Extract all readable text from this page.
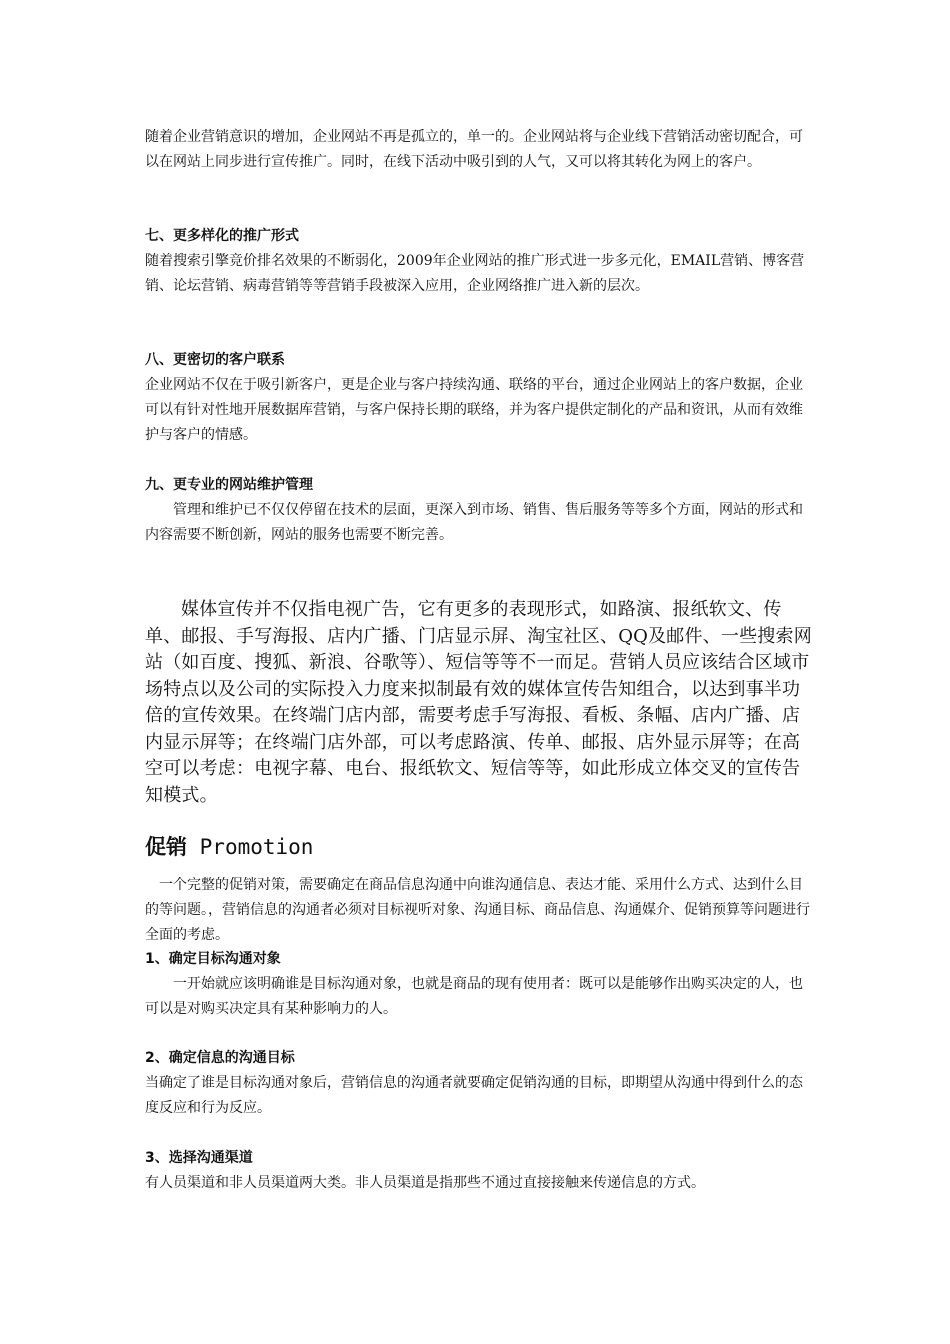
随着企业营销意识的增加，企业网站不再是孤立的，单一的。企业网站将与企业线下营销活动密切配合，可以在网站上同步进行宣传推广。同时，在线下活动中吸引到的人气，又可以将其转化为网上的客户。

七、更多样化的推广形式

随着搜索引擎竞价排名效果的不断弱化，2009年企业网站的推广形式进一步多元化，EMAIL营销、博客营销、论坛营销、病毒营销等等营销手段被深入应用，企业网络推广进入新的层次。

八、更密切的客户联系

企业网站不仅在于吸引新客户，更是企业与客户持续沟通、联络的平台，通过企业网站上的客户数据，企业可以有针对性地开展数据库营销，与客户保持长期的联络，并为客户提供定制化的产品和资讯，从而有效维护与客户的情感。

九、更专业的网站维护管理

管理和维护已不仅仅停留在技术的层面，更深入到市场、销售、售后服务等等多个方面，网站的形式和内容需要不断创新，网站的服务也需要不断完善。

媒体宣传并不仅指电视广告，它有更多的表现形式，如路演、报纸软文、传单、邮报、手写海报、店内广播、门店显示屏、淘宝社区、QQ及邮件、一些搜索网站（如百度、搜狐、新浪、谷歌等）、短信等等不一而足。营销人员应该结合区域市场特点以及公司的实际投入力度来拟制最有效的媒体宣传告知组合，以达到事半功倍的宣传效果。在终端门店内部，需要考虑手写海报、看板、条幅、店内广播、店内显示屏等；在终端门店外部，可以考虑路演、传单、邮报、店外显示屏等；在高空可以考虑：电视字幕、电台、报纸软文、短信等等，如此形成立体交叉的宣传告知模式。

促销 Promotion

一个完整的促销对策，需要确定在商品信息沟通中向谁沟通信息、表达才能、采用什么方式、达到什么目的等问题。，营销信息的沟通者必须对目标视听对象、沟通目标、商品信息、沟通媒介、促销预算等问题进行全面的考虑。

1、确定目标沟通对象

一开始就应该明确谁是目标沟通对象，也就是商品的现有使用者：既可以是能够作出购买决定的人，也可以是对购买决定具有某种影响力的人。

2、确定信息的沟通目标

当确定了谁是目标沟通对象后，营销信息的沟通者就要确定促销沟通的目标，即期望从沟通中得到什么的态度反应和行为反应。

3、选择沟通渠道

有人员渠道和非人员渠道两大类。非人员渠道是指那些不通过直接接触来传递信息的方式。
